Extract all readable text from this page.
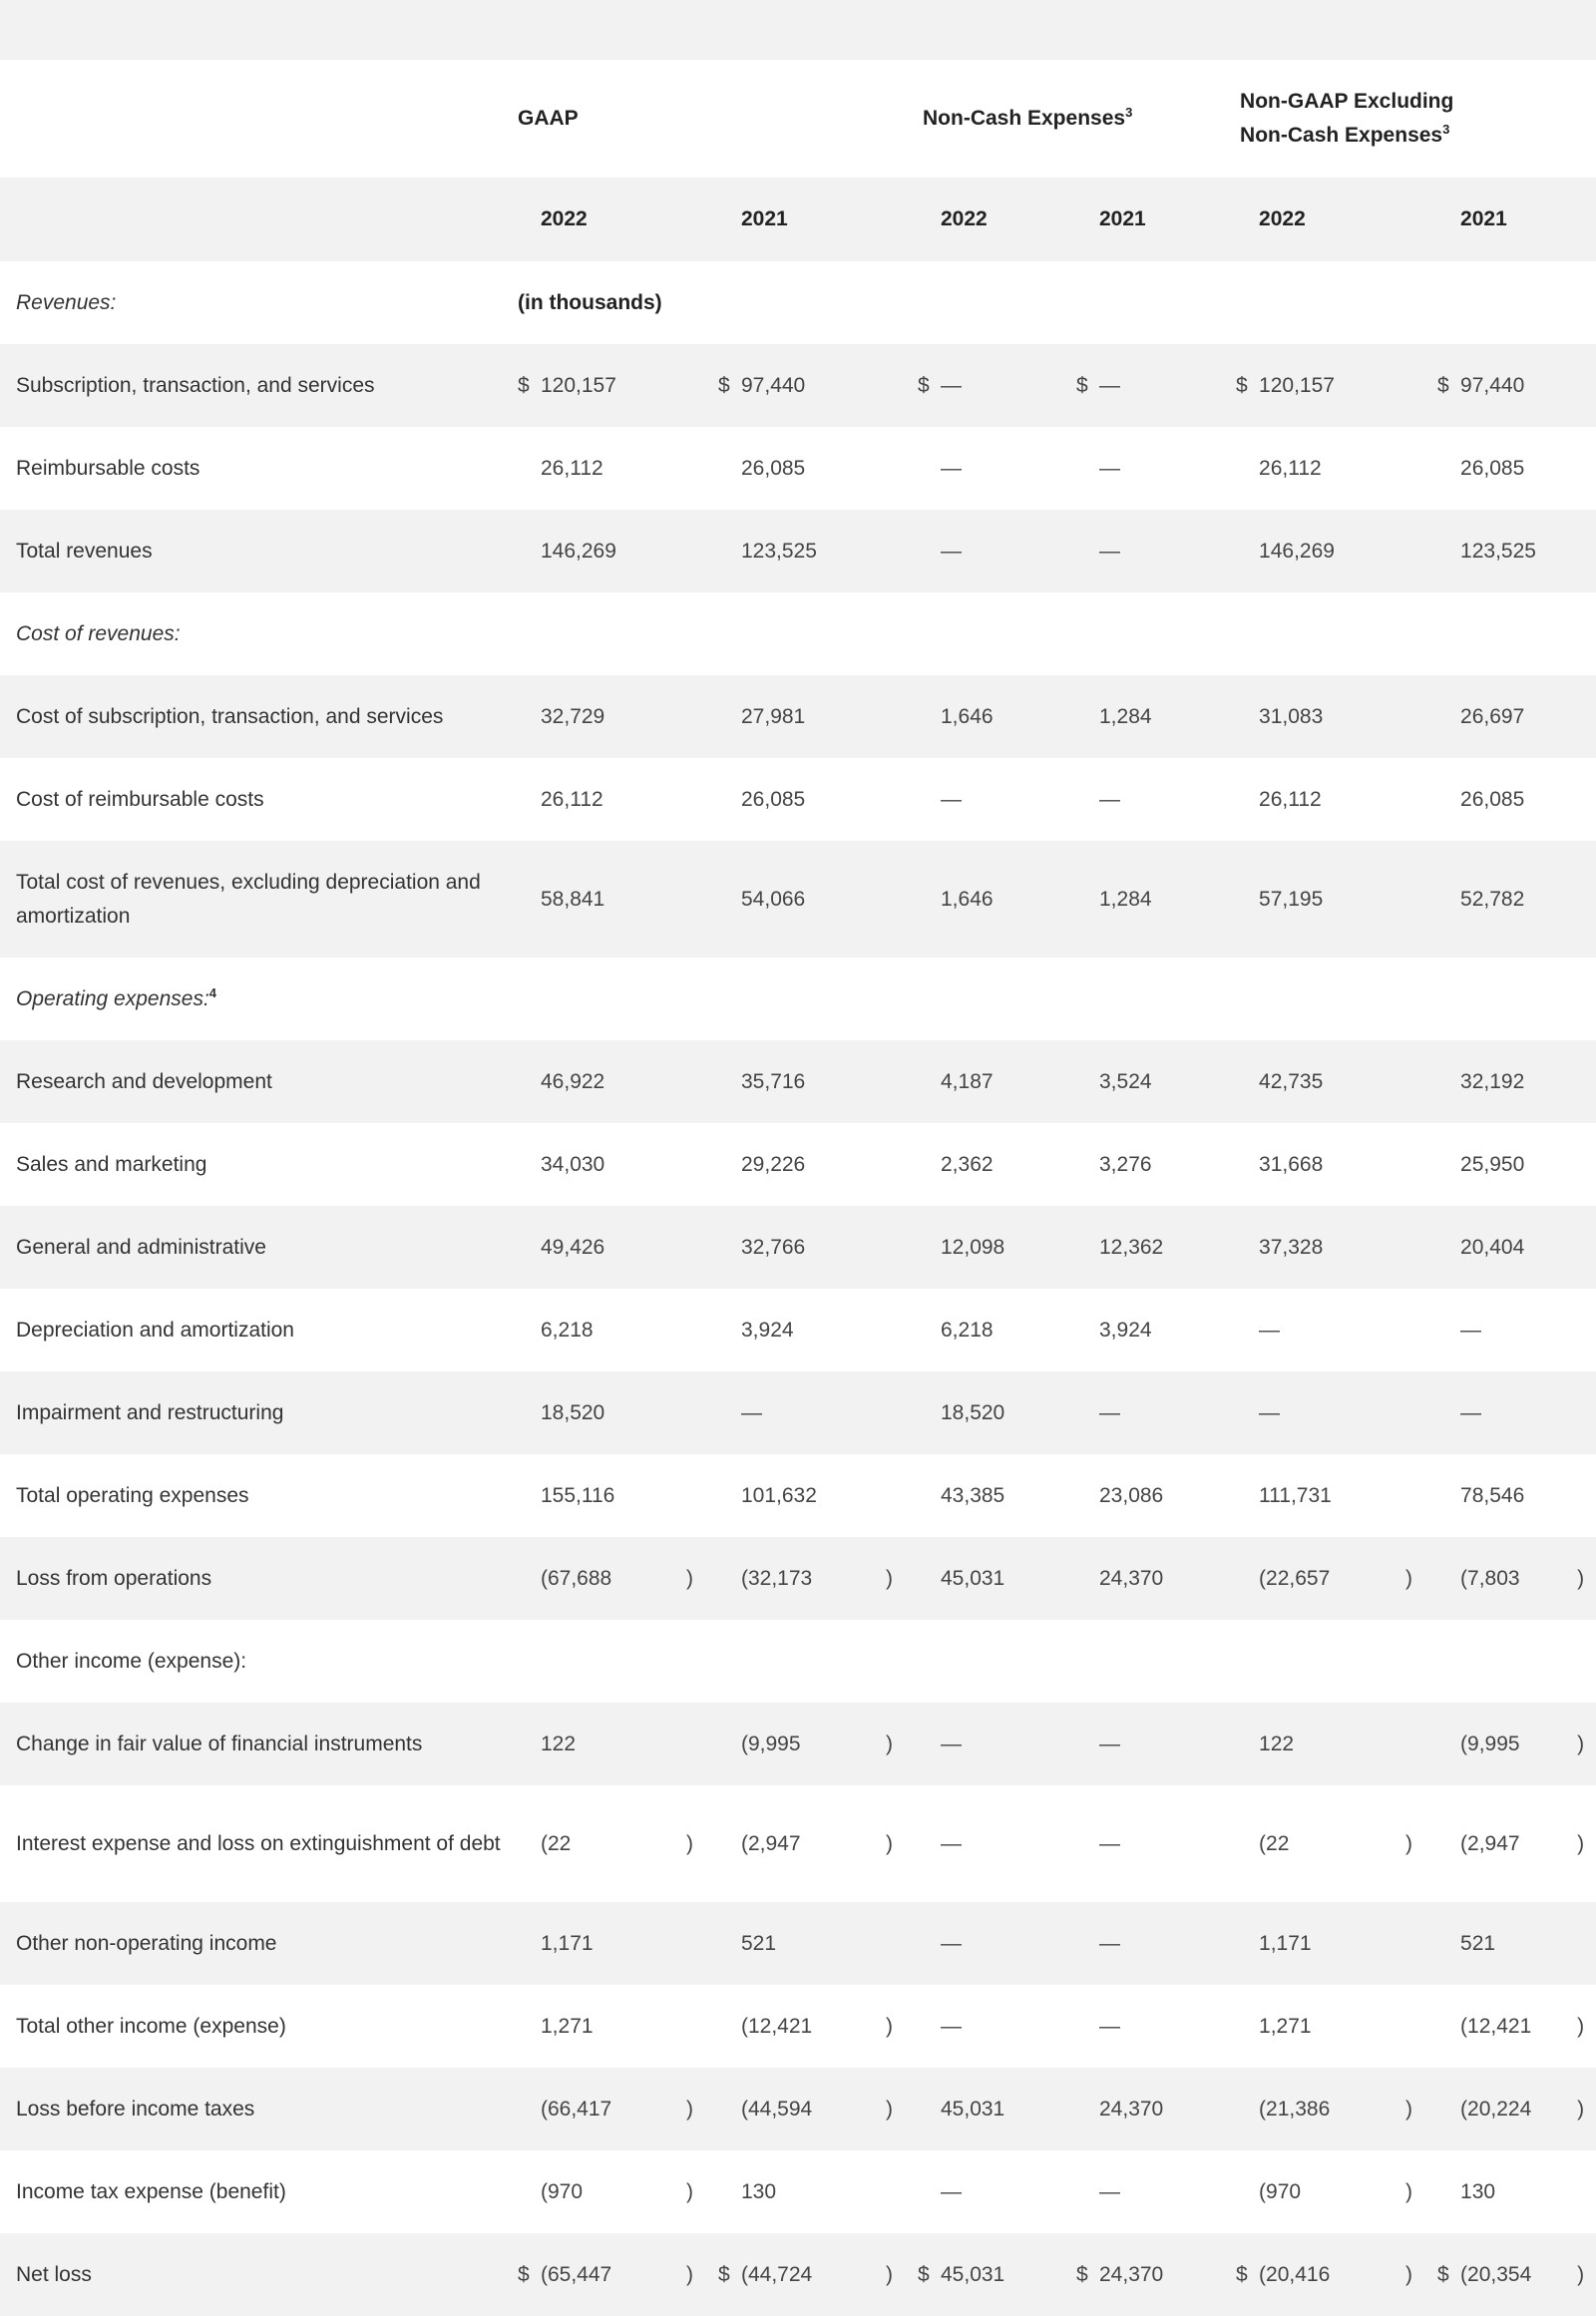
	GAAP				Non-Cash Expenses$^3$				Non-GAAP Excluding
Non-Cash Expenses$^3$

		2022		2021		2022		2021		2022		2021
Revenues:	(in thousands)											
Subscription, transaction, and services	$	120,157	$	97,440	$	—	$	—	$	120,157	$	97,440

Reimbursable costs		26,112		26,085		—		—		26,112		26,085

Total revenues		146,269		123,525		—		—		146,269		123,525

Cost of revenues:												
Cost of subscription, transaction, and services		32,729		27,981		1,646		1,284		31,083		26,697

Cost of reimbursable costs		26,112		26,085		—		—		26,112		26,085

Total cost of revenues, excluding depreciation and amortization		58,841		54,066		1,646		1,284		57,195		52,782

Operating expenses:$^4$	
Research and development		46,922		35,716		4,187		3,524		42,735		32,192

Sales and marketing		34,030		29,226		2,362		3,276		31,668		25,950

General and administrative		49,426		32,766		12,098		12,362		37,328		20,404

Depreciation and amortization		6,218		3,924		6,218		3,924		—		—

Impairment and restructuring		18,520		—		18,520		—		—		—

Total operating expenses		155,116		101,632		43,385		23,086		111,731		78,546

Loss from operations		(67,688 )		(32,173 )		45,031		24,370		(22,657 )		(7,803 )

Other income (expense):												
Change in fair value of financial instruments		122		(9,995 )		—		—		122		(9,995 )

Interest expense and loss on extinguishment of debt		(22 )		(2,947 )		—		—		(22 )		(2,947 )

Other non-operating income		1,171		521		—		—		1,171		521

Total other income (expense)		1,271		(12,421 )		—		—		1,271		(12,421 )

Loss before income taxes		(66,417 )		(44,594 )		45,031		24,370		(21,386 )		(20,224 )

Income tax expense (benefit)		(970 )		130		—		—		(970 )		130

Net loss	$	(65,447 )	$	(44,724 )	$	45,031	$	24,370	$	(20,416 )	$	(20,354 )
